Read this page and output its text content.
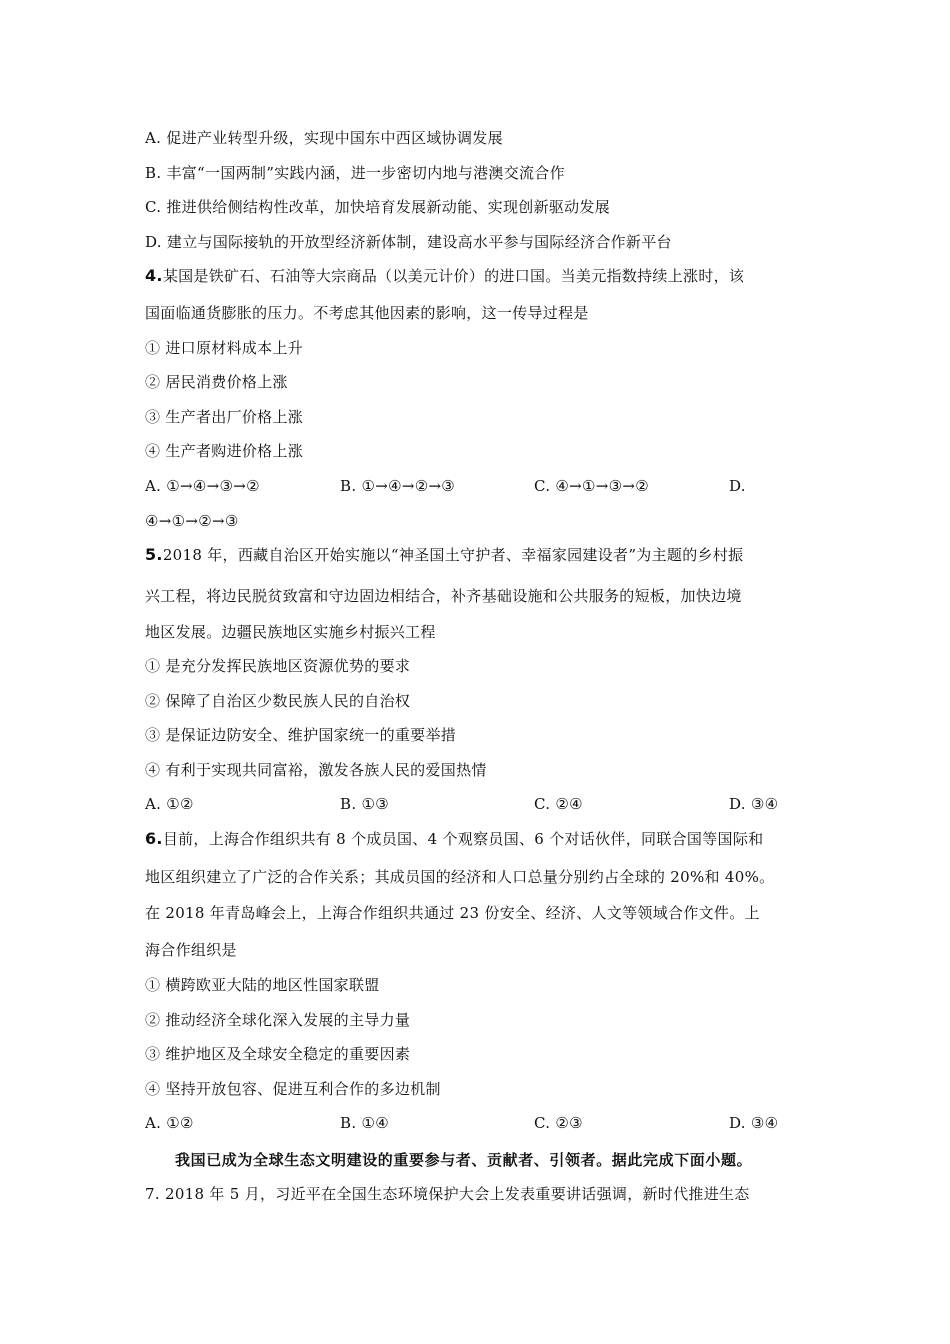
A. 促进产业转型升级，实现中国东中西区域协调发展
B. 丰富“一国两制”实践内涵，进一步密切内地与港澳交流合作
C. 推进供给侧结构性改革，加快培育发展新动能、实现创新驱动发展
D. 建立与国际接轨的开放型经济新体制，建设高水平参与国际经济合作新平台
4.某国是铁矿石、石油等大宗商品（以美元计价）的进口国。当美元指数持续上涨时，该
国面临通货膨胀的压力。不考虑其他因素的影响，这一传导过程是
① 进口原材料成本上升
② 居民消费价格上涨
③ 生产者出厂价格上涨
④ 生产者购进价格上涨
A. ①→④→③→②	B. ①→④→②→③	C. ④→①→③→②	D.
④→①→②→③
5.2018 年，西藏自治区开始实施以“神圣国土守护者、幸福家园建设者”为主题的乡村振
兴工程，将边民脱贫致富和守边固边相结合，补齐基础设施和公共服务的短板，加快边境
地区发展。边疆民族地区实施乡村振兴工程
① 是充分发挥民族地区资源优势的要求
② 保障了自治区少数民族人民的自治权
③ 是保证边防安全、维护国家统一的重要举措
④ 有利于实现共同富裕，激发各族人民的爱国热情
A. ①②	B. ①③	C. ②④	D. ③④
6.目前，上海合作组织共有 8 个成员国、4 个观察员国、6 个对话伙伴，同联合国等国际和
地区组织建立了广泛的合作关系；其成员国的经济和人口总量分别约占全球的 20%和 40%。
在 2018 年青岛峰会上，上海合作组织共通过 23 份安全、经济、人文等领域合作文件。上
海合作组织是
① 横跨欧亚大陆的地区性国家联盟
② 推动经济全球化深入发展的主导力量
③ 维护地区及全球安全稳定的重要因素
④ 坚持开放包容、促进互利合作的多边机制
A. ①②	B. ①④	C. ②③	D. ③④
我国已成为全球生态文明建设的重要参与者、贡献者、引领者。据此完成下面小题。
7. 2018 年 5 月，习近平在全国生态环境保护大会上发表重要讲话强调，新时代推进生态
